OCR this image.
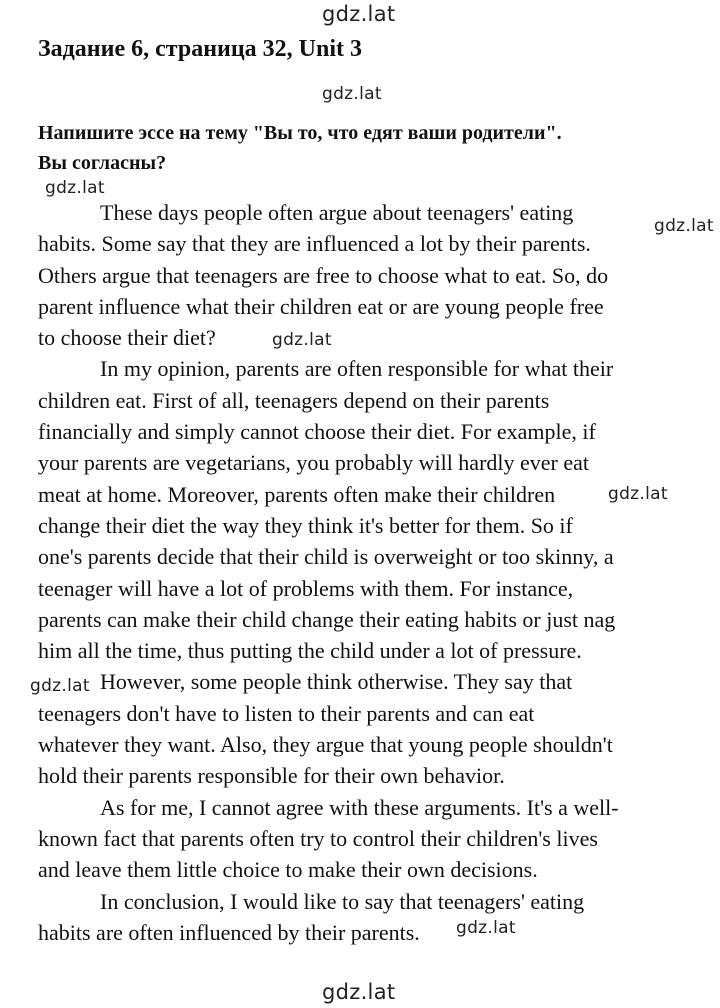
gdz.lat
gdz.lat
gdz.lat
gdz.lat
gdz.lat
gdz.lat
gdz.lat
gdz.lat
gdz.lat
Задание 6, страница 32, Unit 3
Напишите эссе на тему "Вы то, что едят ваши родители".
Вы согласны?

These days people often argue about teenagers' eating
habits. Some say that they are influenced a lot by their parents.
Others argue that teenagers are free to choose what to eat. So, do
parent influence what their children eat or are young people free
to choose their diet?

In my opinion, parents are often responsible for what their
children eat. First of all, teenagers depend on their parents
financially and simply cannot choose their diet. For example, if
your parents are vegetarians, you probably will hardly ever eat
meat at home. Moreover, parents often make their children
change their diet the way they think it's better for them. So if
one's parents decide that their child is overweight or too skinny, a
teenager will have a lot of problems with them. For instance,
parents can make their child change their eating habits or just nag
him all the time, thus putting the child under a lot of pressure.

However, some people think otherwise. They say that
teenagers don't have to listen to their parents and can eat
whatever they want. Also, they argue that young people shouldn't
hold their parents responsible for their own behavior.

As for me, I cannot agree with these arguments. It's a well-
known fact that parents often try to control their children's lives
and leave them little choice to make their own decisions.

In conclusion, I would like to say that teenagers' eating
habits are often influenced by their parents.
